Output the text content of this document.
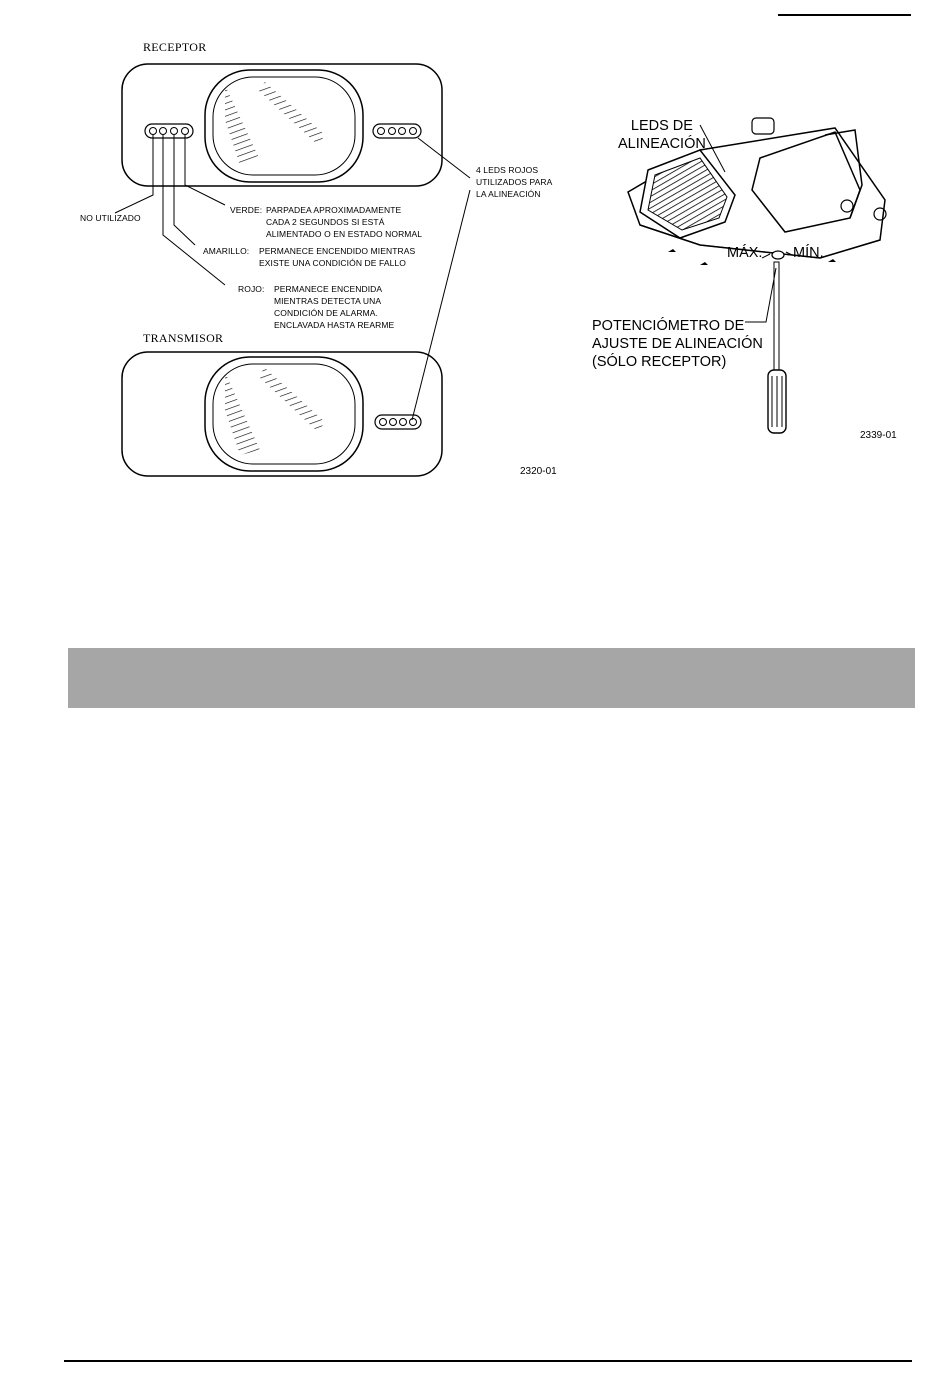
RECEPTOR
TRANSMISOR
NO UTILIZADO
VERDE: PARPADEA APROXIMADAMENTE
CADA 2 SEGUNDOS SI ESTÁ
ALIMENTADO O EN ESTADO NORMAL
AMARILLO: PERMANECE ENCENDIDO MIENTRAS
EXISTE UNA CONDICIÓN DE FALLO
ROJO: PERMANECE ENCENDIDA
MIENTRAS DETECTA UNA
CONDICIÓN DE ALARMA.
ENCLAVADA HASTA REARME
4 LEDS ROJOS
UTILIZADOS PARA
LA ALINEACIÓN
2320-01
LEDS DE
ALINEACIÓN
MÁX. MÍN.
POTENCIÓMETRO DE
AJUSTE DE ALINEACIÓN
(SÓLO RECEPTOR)
2339-01
